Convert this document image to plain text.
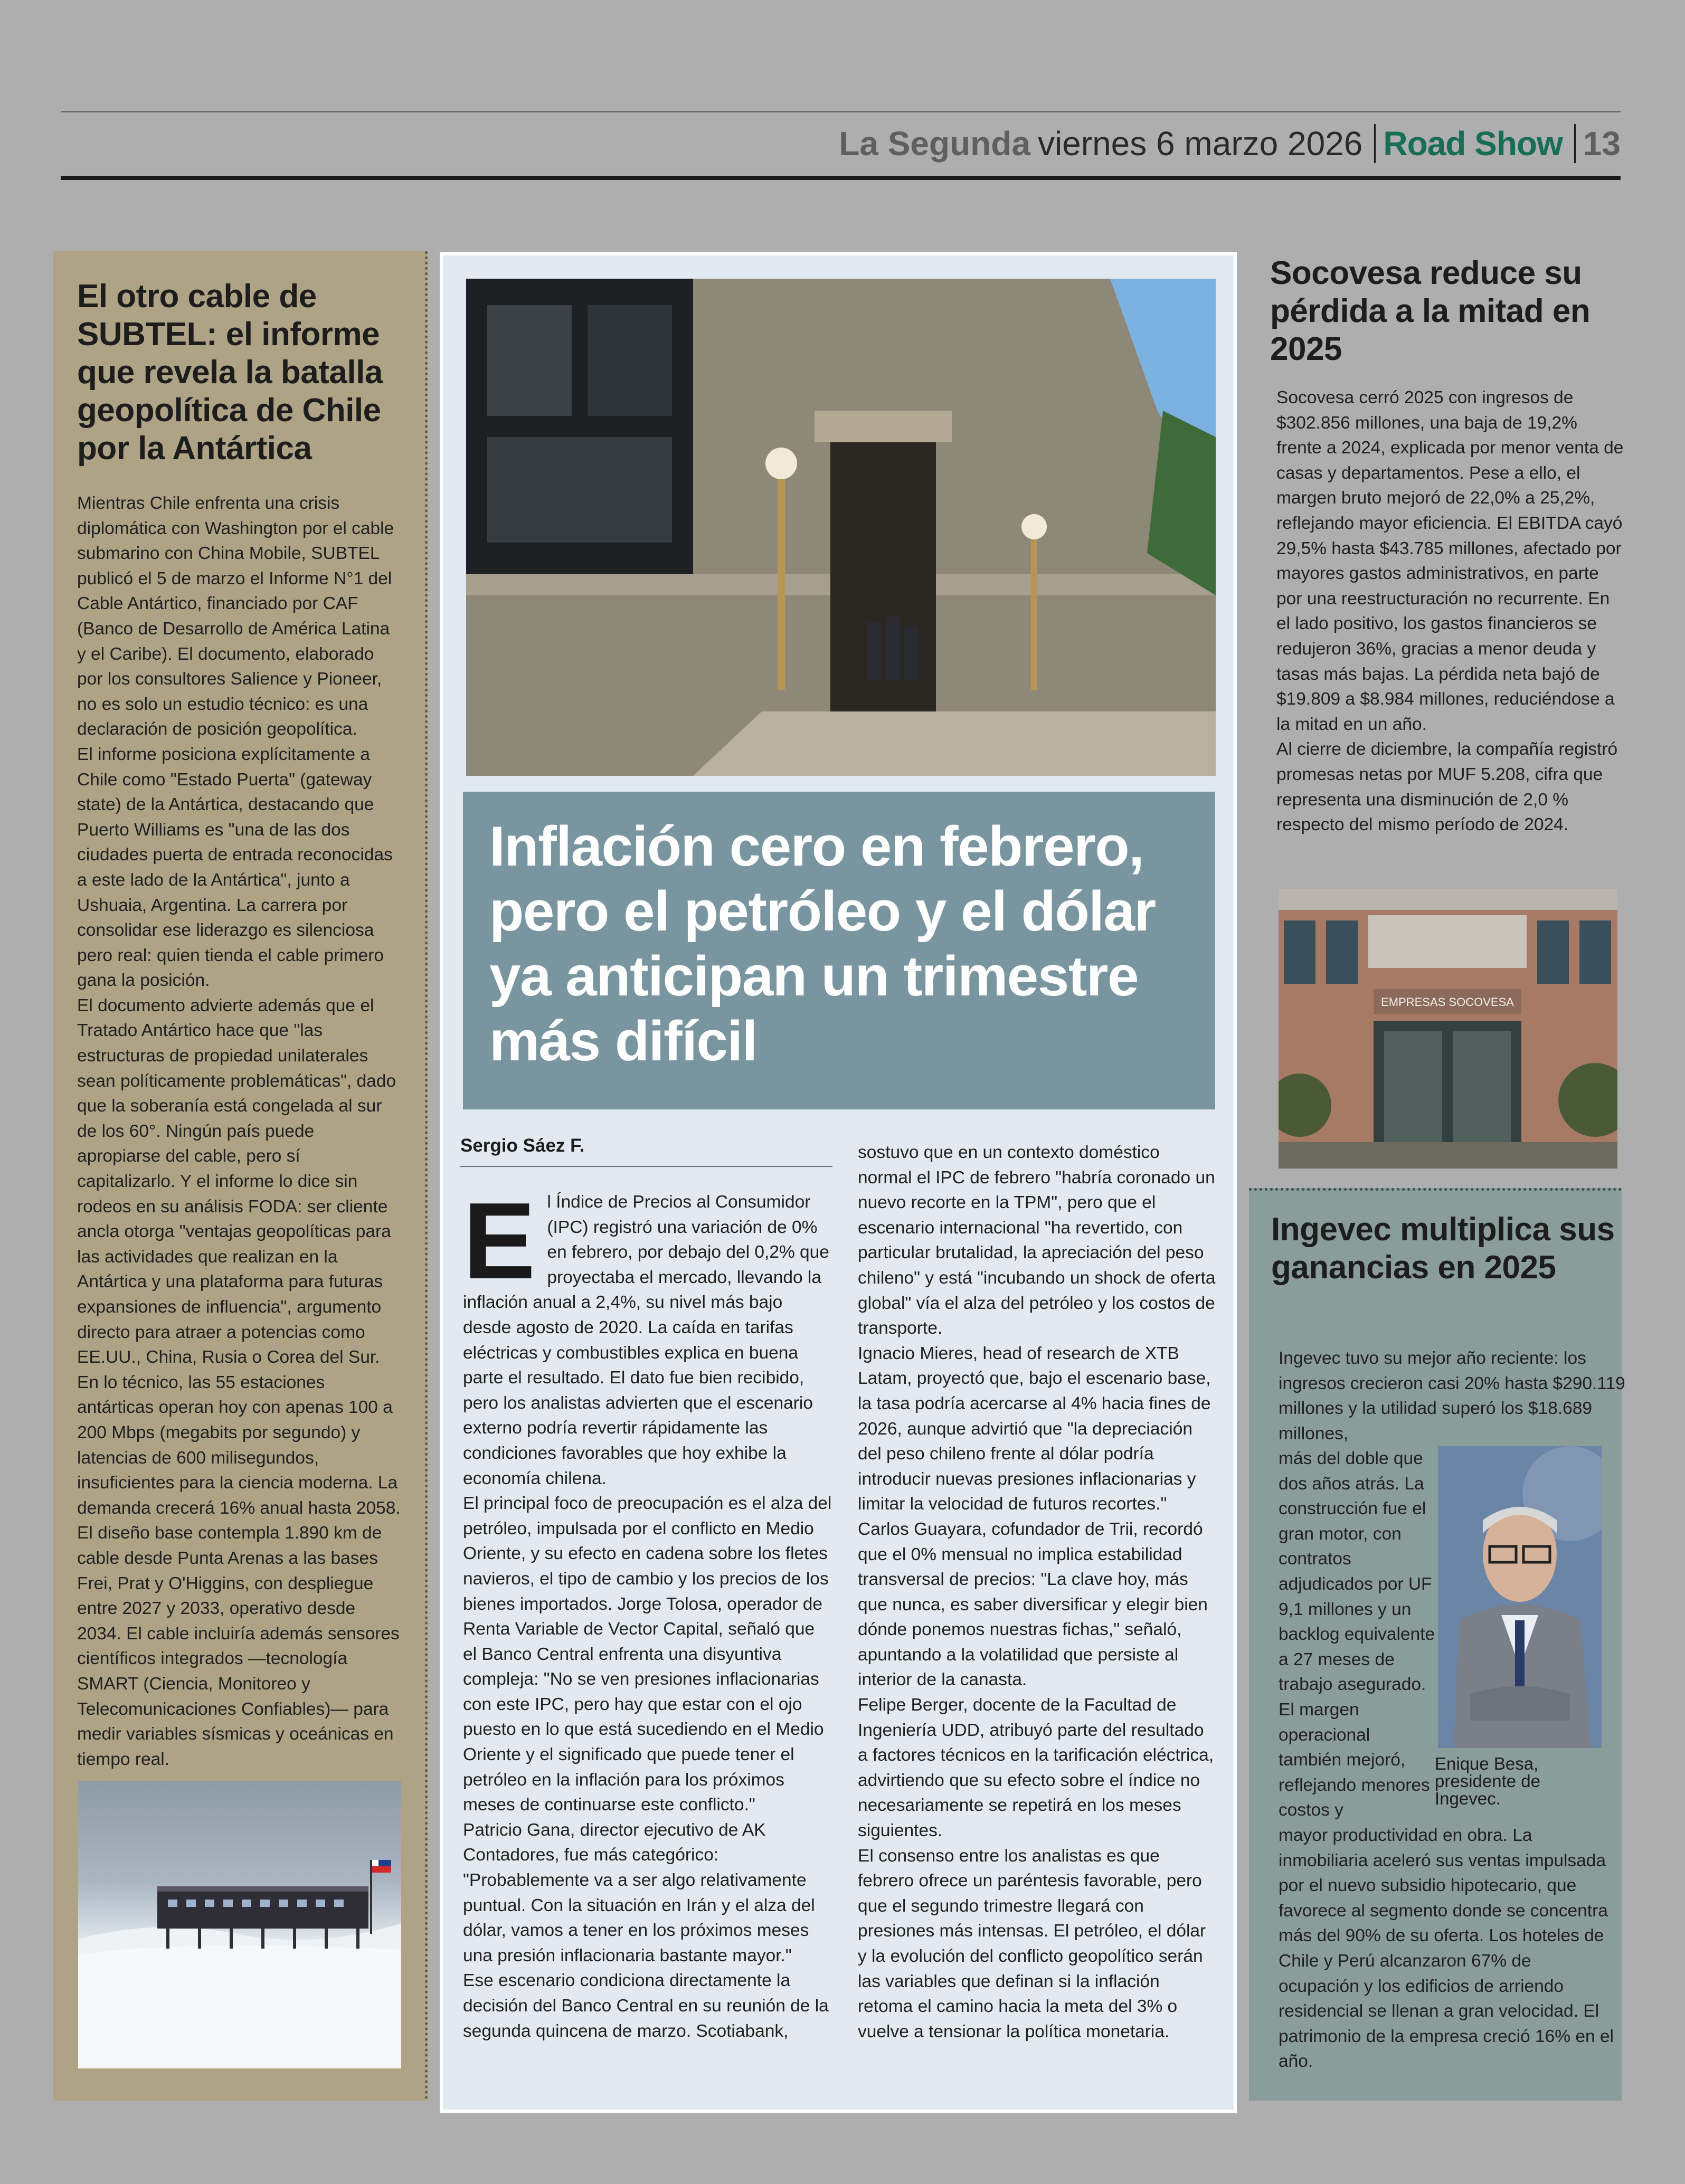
La Segunda viernes 6 marzo 2026 Road Show 13
El otro cable de SUBTEL: el informe que revela la batalla geopolítica de Chile por la Antártica

Mientras Chile enfrenta una crisis diplomática con Washington por el cable submarino con China Mobile, SUBTEL publicó el 5 de marzo el Informe N°1 del Cable Antártico, financiado por CAF (Banco de Desarrollo de América Latina y el Caribe). El documento, elaborado por los consultores Salience y Pioneer, no es solo un estudio técnico: es una declaración de posición geopolítica.

El informe posiciona explícitamente a Chile como "Estado Puerta" (gateway state) de la Antártica, destacando que Puerto Williams es "una de las dos ciudades puerta de entrada reconocidas a este lado de la Antártica", junto a Ushuaia, Argentina. La carrera por consolidar ese liderazgo es silenciosa pero real: quien tienda el cable primero gana la posición.

El documento advierte además que el Tratado Antártico hace que "las estructuras de propiedad unilaterales sean políticamente problemáticas", dado que la soberanía está congelada al sur de los 60°. Ningún país puede apropiarse del cable, pero sí capitalizarlo. Y el informe lo dice sin rodeos en su análisis FODA: ser cliente ancla otorga "ventajas geopolíticas para las actividades que realizan en la Antártica y una plataforma para futuras expansiones de influencia", argumento directo para atraer a potencias como EE.UU., China, Rusia o Corea del Sur.

En lo técnico, las 55 estaciones antárticas operan hoy con apenas 100 a 200 Mbps (megabits por segundo) y latencias de 600 milisegundos, insuficientes para la ciencia moderna. La demanda crecerá 16% anual hasta 2058. El diseño base contempla 1.890 km de cable desde Punta Arenas a las bases Frei, Prat y O'Higgins, con despliegue entre 2027 y 2033, operativo desde 2034. El cable incluiría además sensores científicos integrados —tecnología SMART (Ciencia, Monitoreo y Telecomunicaciones Confiables)— para medir variables sísmicas y oceánicas en tiempo real.

Inflación cero en febrero, pero el petróleo y el dólar ya anticipan un trimestre más difícil
Sergio Sáez F.
E l Índice de Precios al Consumidor (IPC) registró una variación de 0% en febrero, por debajo del 0,2% que proyectaba el mercado, llevando la inflación anual a 2,4%, su nivel más bajo desde agosto de 2020. La caída en tarifas eléctricas y combustibles explica en buena parte el resultado. El dato fue bien recibido, pero los analistas advierten que el escenario externo podría revertir rápidamente las condiciones favorables que hoy exhibe la economía chilena.

El principal foco de preocupación es el alza del petróleo, impulsada por el conflicto en Medio Oriente, y su efecto en cadena sobre los fletes navieros, el tipo de cambio y los precios de los bienes importados. Jorge Tolosa, operador de Renta Variable de Vector Capital, señaló que el Banco Central enfrenta una disyuntiva compleja: "No se ven presiones inflacionarias con este IPC, pero hay que estar con el ojo puesto en lo que está sucediendo en el Medio Oriente y el significado que puede tener el petróleo en la inflación para los próximos meses de continuarse este conflicto."

Patricio Gana, director ejecutivo de AK Contadores, fue más categórico: "Probablemente va a ser algo relativamente puntual. Con la situación en Irán y el alza del dólar, vamos a tener en los próximos meses una presión inflacionaria bastante mayor."

Ese escenario condiciona directamente la decisión del Banco Central en su reunión de la segunda quincena de marzo. Scotiabank,

sostuvo que en un contexto doméstico normal el IPC de febrero "habría coronado un nuevo recorte en la TPM", pero que el escenario internacional "ha revertido, con particular brutalidad, la apreciación del peso chileno" y está "incubando un shock de oferta global" vía el alza del petróleo y los costos de transporte.

Ignacio Mieres, head of research de XTB Latam, proyectó que, bajo el escenario base, la tasa podría acercarse al 4% hacia fines de 2026, aunque advirtió que "la depreciación del peso chileno frente al dólar podría introducir nuevas presiones inflacionarias y limitar la velocidad de futuros recortes."

Carlos Guayara, cofundador de Trii, recordó que el 0% mensual no implica estabilidad transversal de precios: "La clave hoy, más que nunca, es saber diversificar y elegir bien dónde ponemos nuestras fichas," señaló, apuntando a la volatilidad que persiste al interior de la canasta.

Felipe Berger, docente de la Facultad de Ingeniería UDD, atribuyó parte del resultado a factores técnicos en la tarificación eléctrica, advirtiendo que su efecto sobre el índice no necesariamente se repetirá en los meses siguientes.

El consenso entre los analistas es que febrero ofrece un paréntesis favorable, pero que el segundo trimestre llegará con presiones más intensas. El petróleo, el dólar y la evolución del conflicto geopolítico serán las variables que definan si la inflación retoma el camino hacia la meta del 3% o vuelve a tensionar la política monetaria.

Socovesa reduce su pérdida a la mitad en 2025

Socovesa cerró 2025 con ingresos de $302.856 millones, una baja de 19,2% frente a 2024, explicada por menor venta de casas y departamentos. Pese a ello, el margen bruto mejoró de 22,0% a 25,2%, reflejando mayor eficiencia. El EBITDA cayó 29,5% hasta $43.785 millones, afectado por mayores gastos administrativos, en parte por una reestructuración no recurrente. En el lado positivo, los gastos financieros se redujeron 36%, gracias a menor deuda y tasas más bajas. La pérdida neta bajó de $19.809 a $8.984 millones, reduciéndose a la mitad en un año.

Al cierre de diciembre, la compañía registró promesas netas por MUF 5.208, cifra que representa una disminución de 2,0 % respecto del mismo período de 2024.

EMPRESAS SOCOVESA
Ingevec multiplica sus ganancias en 2025
Ingevec tuvo su mejor año reciente: los ingresos crecieron casi 20% hasta $290.119 millones y la utilidad superó los $18.689 millones,
más del doble que dos años atrás. La construcción fue el gran motor, con contratos adjudicados por UF 9,1 millones y un backlog equivalente a 27 meses de trabajo asegurado. El margen operacional también mejoró, reflejando menores costos y

Enique Besa, presidente de Ingevec.

mayor productividad en obra. La inmobiliaria aceleró sus ventas impulsada por el nuevo subsidio hipotecario, que favorece al segmento donde se concentra más del 90% de su oferta. Los hoteles de Chile y Perú alcanzaron 67% de ocupación y los edificios de arriendo residencial se llenan a gran velocidad. El patrimonio de la empresa creció 16% en el año.
